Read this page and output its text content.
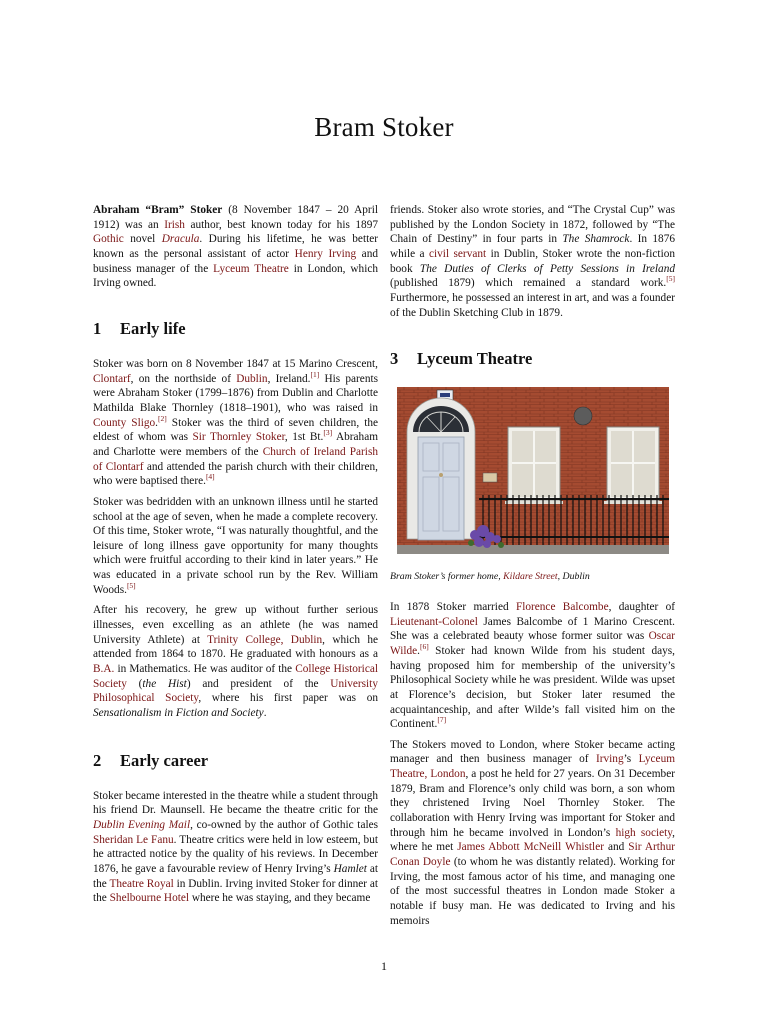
Bram Stoker

Abraham “Bram” Stoker (8 November 1847 – 20 April 1912) was an Irish author, best known today for his 1897 Gothic novel Dracula. During his lifetime, he was better known as the personal assistant of actor Henry Irving and business manager of the Lyceum Theatre in London, which Irving owned.

1 Early life

Stoker was born on 8 November 1847 at 15 Marino Crescent, Clontarf, on the northside of Dublin, Ireland.[1] His parents were Abraham Stoker (1799–1876) from Dublin and Charlotte Mathilda Blake Thornley (1818–1901), who was raised in County Sligo.[2] Stoker was the third of seven children, the eldest of whom was Sir Thornley Stoker, 1st Bt.[3] Abraham and Charlotte were members of the Church of Ireland Parish of Clontarf and attended the parish church with their children, who were baptised there.[4]

Stoker was bedridden with an unknown illness until he started school at the age of seven, when he made a complete recovery. Of this time, Stoker wrote, “I was naturally thoughtful, and the leisure of long illness gave opportunity for many thoughts which were fruitful according to their kind in later years.” He was educated in a private school run by the Rev. William Woods.[5]

After his recovery, he grew up without further serious illnesses, even excelling as an athlete (he was named University Athlete) at Trinity College, Dublin, which he attended from 1864 to 1870. He graduated with honours as a B.A. in Mathematics. He was auditor of the College Historical Society (the Hist) and president of the University Philosophical Society, where his first paper was on Sensationalism in Fiction and Society.

2 Early career

Stoker became interested in the theatre while a student through his friend Dr. Maunsell. He became the theatre critic for the Dublin Evening Mail, co-owned by the author of Gothic tales Sheridan Le Fanu. Theatre critics were held in low esteem, but he attracted notice by the quality of his reviews. In December 1876, he gave a favourable review of Henry Irving’s Hamlet at the Theatre Royal in Dublin. Irving invited Stoker for dinner at the Shelbourne Hotel where he was staying, and they became

friends. Stoker also wrote stories, and “The Crystal Cup” was published by the London Society in 1872, followed by “The Chain of Destiny” in four parts in The Shamrock. In 1876 while a civil servant in Dublin, Stoker wrote the non-fiction book The Duties of Clerks of Petty Sessions in Ireland (published 1879) which remained a standard work.[5] Furthermore, he possessed an interest in art, and was a founder of the Dublin Sketching Club in 1879.

3 Lyceum Theatre
Bram Stoker’s former home, Kildare Street, Dublin

In 1878 Stoker married Florence Balcombe, daughter of Lieutenant-Colonel James Balcombe of 1 Marino Crescent. She was a celebrated beauty whose former suitor was Oscar Wilde.[6] Stoker had known Wilde from his student days, having proposed him for membership of the university’s Philosophical Society while he was president. Wilde was upset at Florence’s decision, but Stoker later resumed the acquaintanceship, and after Wilde’s fall visited him on the Continent.[7]

The Stokers moved to London, where Stoker became acting manager and then business manager of Irving’s Lyceum Theatre, London, a post he held for 27 years. On 31 December 1879, Bram and Florence’s only child was born, a son whom they christened Irving Noel Thornley Stoker. The collaboration with Henry Irving was important for Stoker and through him he became involved in London’s high society, where he met James Abbott McNeill Whistler and Sir Arthur Conan Doyle (to whom he was distantly related). Working for Irving, the most famous actor of his time, and managing one of the most successful theatres in London made Stoker a notable if busy man. He was dedicated to Irving and his memoirs

1
